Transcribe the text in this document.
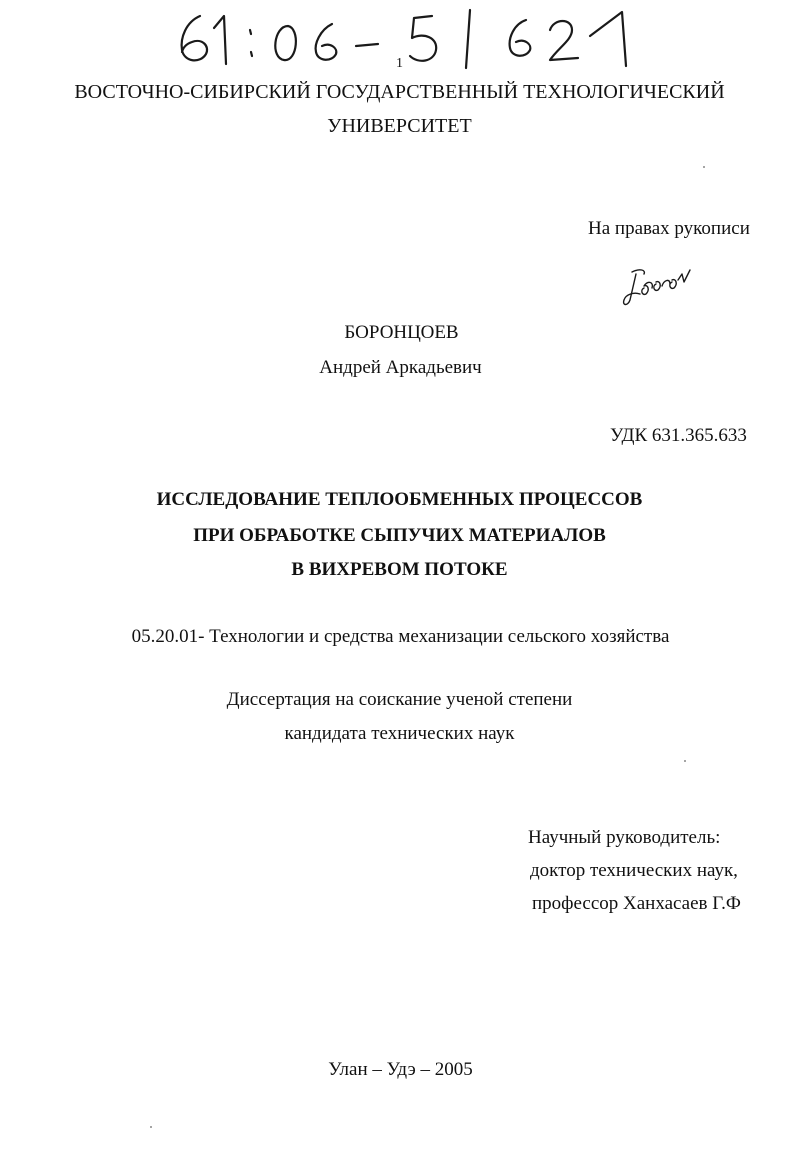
1
ВОСТОЧНО-СИБИРСКИЙ ГОСУДАРСТВЕННЫЙ ТЕХНОЛОГИЧЕСКИЙ
УНИВЕРСИТЕТ
На правах рукописи
БОРОНЦОЕВ
Андрей Аркадьевич
УДК 631.365.633
ИССЛЕДОВАНИЕ ТЕПЛООБМЕННЫХ ПРОЦЕССОВ
ПРИ ОБРАБОТКЕ СЫПУЧИХ МАТЕРИАЛОВ
В ВИХРЕВОМ ПОТОКЕ
05.20.01- Технологии и средства механизации сельского хозяйства
Диссертация на соискание ученой степени
кандидата технических наук
Научный руководитель:
доктор технических наук,
профессор Ханхасаев Г.Ф
Улан – Удэ – 2005
